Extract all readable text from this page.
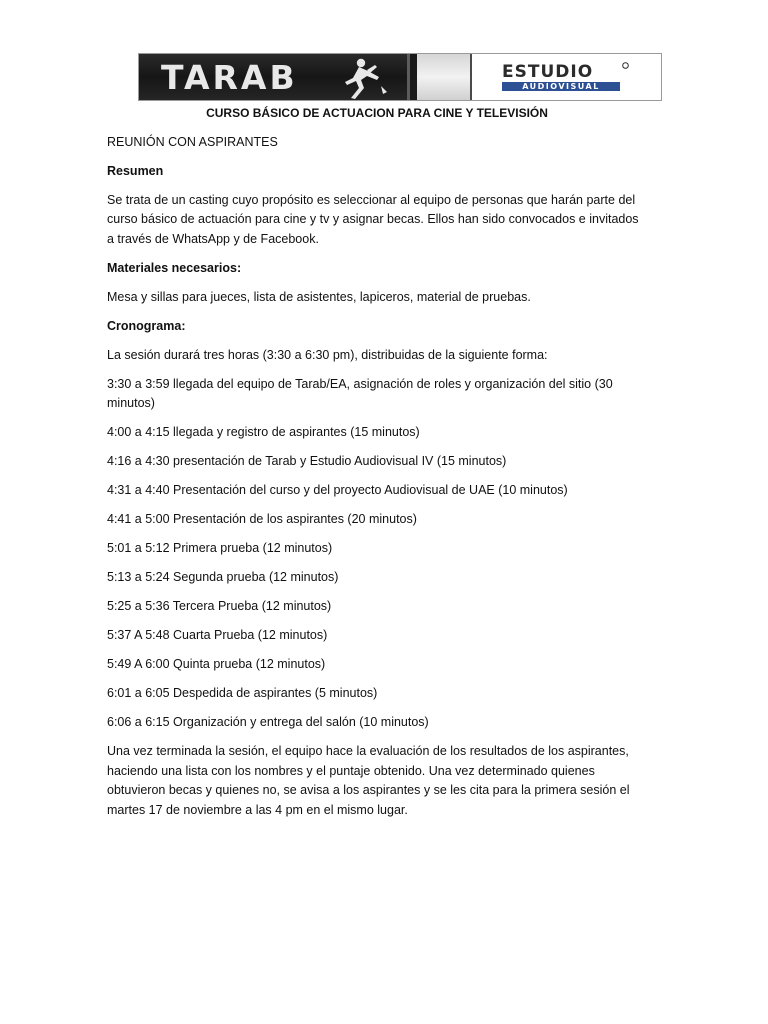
TARAB	ESTUDIO
AUDIOVISUAL
CURSO BÁSICO DE ACTUACION PARA CINE Y TELEVISIÓN

REUNIÓN CON ASPIRANTES

Resumen

Se trata de un casting cuyo propósito es seleccionar al equipo de personas que harán parte del curso básico de actuación para cine y tv y asignar becas. Ellos han sido convocados e invitados a través de WhatsApp y de Facebook.

Materiales necesarios:

Mesa y sillas para jueces, lista de asistentes, lapiceros, material de pruebas.

Cronograma:

La sesión durará tres horas (3:30 a 6:30 pm), distribuidas de la siguiente forma:

3:30 a 3:59 llegada del equipo de Tarab/EA, asignación de roles y organización del sitio (30 minutos)

4:00 a 4:15 llegada y registro de aspirantes (15 minutos)

4:16 a 4:30 presentación de Tarab y Estudio Audiovisual IV (15 minutos)

4:31 a 4:40 Presentación del curso y del proyecto Audiovisual de UAE (10 minutos)

4:41 a 5:00 Presentación de los aspirantes (20 minutos)

5:01 a 5:12 Primera prueba (12 minutos)

5:13 a 5:24 Segunda prueba (12 minutos)

5:25 a 5:36 Tercera Prueba (12 minutos)

5:37 A 5:48 Cuarta Prueba (12 minutos)

5:49 A 6:00 Quinta prueba (12 minutos)

6:01 a 6:05 Despedida de aspirantes (5 minutos)

6:06 a 6:15 Organización y entrega del salón (10 minutos)

Una vez terminada la sesión, el equipo hace la evaluación de los resultados de los aspirantes, haciendo una lista con los nombres y el puntaje obtenido. Una vez determinado quienes obtuvieron becas y quienes no, se avisa a los aspirantes y se les cita para la primera sesión el martes 17 de noviembre a las 4 pm en el mismo lugar.
